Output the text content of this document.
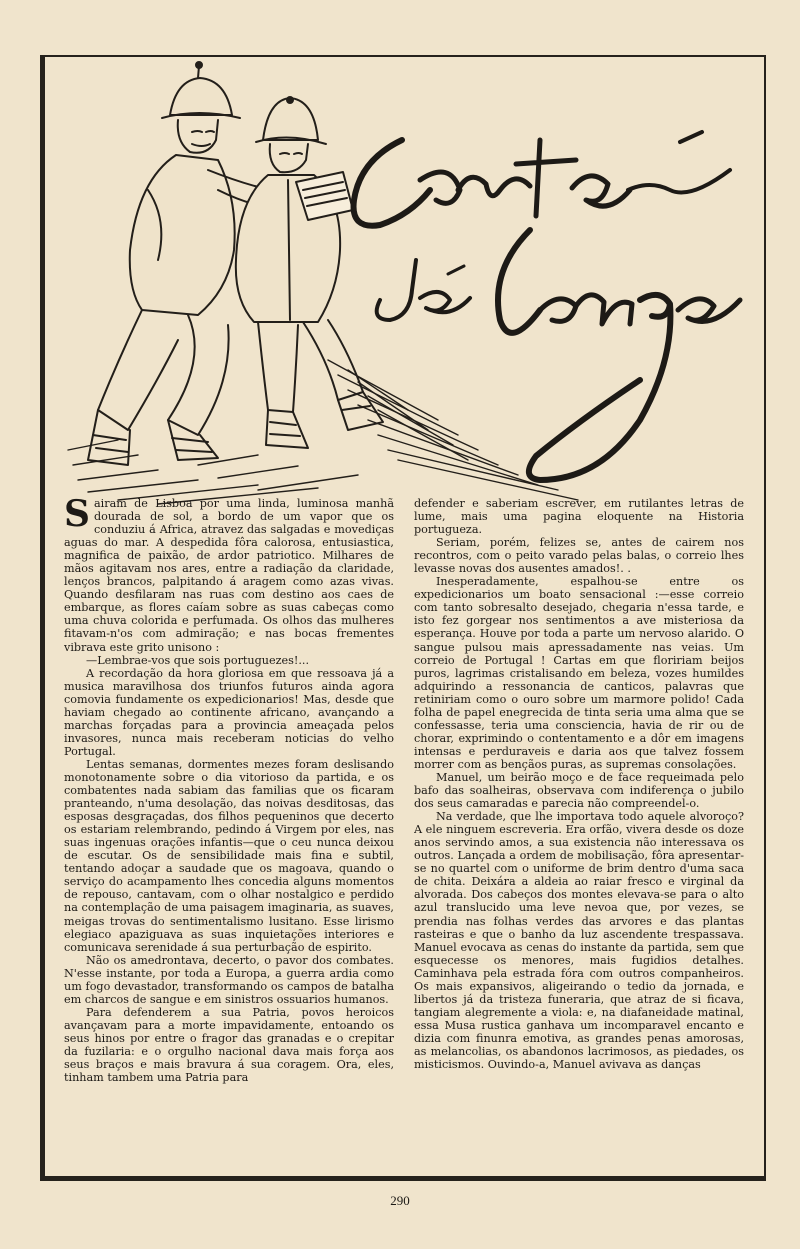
Sairam de Lisboa por uma linda, luminosa manhã dourada de sol, a bordo de um vapor que os conduziu á Africa, atravez das salgadas e movediças aguas do mar. A despedida fôra calorosa, entusiastica, magnifica de paixão, de ardor patriotico. Milhares de mãos agitavam nos ares, entre a radiação da claridade, lenços brancos, palpitando á aragem como azas vivas. Quando desfilaram nas ruas com destino aos caes de embarque, as flores caíam sobre as suas cabeças como uma chuva colorida e perfumada. Os olhos das mulheres fitavam-n'os com admiração; e nas bocas frementes vibrava este grito unisono :

—Lembrae-vos que sois portuguezes!...

A recordação da hora gloriosa em que ressoava já a musica maravilhosa dos triunfos futuros ainda agora comovia fundamente os expedicionarios! Mas, desde que haviam chegado ao continente africano, avançando a marchas forçadas para a provincia ameaçada pelos invasores, nunca mais receberam noticias do velho Portugal.

Lentas semanas, dormentes mezes foram deslisando monotonamente sobre o dia vitorioso da partida, e os combatentes nada sabiam das familias que os ficaram pranteando, n'uma desolação, das noivas desditosas, das esposas desgraçadas, dos filhos pequeninos que decerto os estariam relembrando, pedindo á Virgem por eles, nas suas ingenuas orações infantis—que o ceu nunca deixou de escutar. Os de sensibilidade mais fina e subtil, tentando adoçar a saudade que os magoava, quando o serviço do acampamento lhes concedia alguns momentos de repouso, cantavam, com o olhar nostalgico e perdido na contemplação de uma paisagem imaginaria, as suaves, meigas trovas do sentimentalismo lusitano. Esse lirismo elegiaco apaziguava as suas inquietações interiores e comunicava serenidade á sua perturbação de espirito.

Não os amedrontava, decerto, o pavor dos combates. N'esse instante, por toda a Europa, a guerra ardia como um fogo devastador, transformando os campos de batalha em charcos de sangue e em sinistros ossuarios humanos.

Para defenderem a sua Patria, povos heroicos avançavam para a morte impavidamente, entoando os seus hinos por entre o fragor das granadas e o crepitar da fuzilaria: e o orgulho nacional dava mais força aos seus braços e mais bravura á sua coragem. Ora, eles, tinham tambem uma Patria para

defender e saberiam escrever, em rutilantes letras de lume, mais uma pagina eloquente na Historia portugueza.

Seriam, porém, felizes se, antes de cairem nos recontros, com o peito varado pelas balas, o correio lhes levasse novas dos ausentes amados!. .

Inesperadamente, espalhou-se entre os expedicionarios um boato sensacional :—esse correio com tanto sobresalto desejado, chegaria n'essa tarde, e isto fez gorgear nos sentimentos a ave misteriosa da esperança. Houve por toda a parte um nervoso alarido. O sangue pulsou mais apressadamente nas veias. Um correio de Portugal ! Cartas em que floririam beijos puros, lagrimas cristalisando em beleza, vozes humildes adquirindo a ressonancia de canticos, palavras que retiniriam como o ouro sobre um marmore polido! Cada folha de papel enegrecida de tinta seria uma alma que se confessasse, teria uma consciencia, havia de rir ou de chorar, exprimindo o contentamento e a dôr em imagens intensas e perduraveis e daria aos que talvez fossem morrer com as bençãos puras, as supremas consolações.

Manuel, um beirão moço e de face requeimada pelo bafo das soalheiras, observava com indiferença o jubilo dos seus camaradas e parecia não compreendel-o.

Na verdade, que lhe importava todo aquele alvoroço? A ele ninguem escreveria. Era orfão, vivera desde os doze anos servindo amos, a sua existencia não interessava os outros. Lançada a ordem de mobilisação, fôra apresentar-se no quartel com o uniforme de brim dentro d'uma saca de chita. Deixára a aldeia ao raiar fresco e virginal da alvorada. Dos cabeços dos montes elevava-se para o alto azul translucido uma leve nevoa que, por vezes, se prendia nas folhas verdes das arvores e das plantas rasteiras e que o banho da luz ascendente trespassava. Manuel evocava as cenas do instante da partida, sem que esquecesse os menores, mais fugidios detalhes. Caminhava pela estrada fóra com outros companheiros. Os mais expansivos, aligeirando o tedio da jornada, e libertos já da tristeza funeraria, que atraz de si ficava, tangiam alegremente a viola: e, na diafaneidade matinal, essa Musa rustica ganhava um incomparavel encanto e dizia com finunra emotiva, as grandes penas amorosas, as melancolias, os abandonos lacrimosos, as piedades, os misticismos. Ouvindo-a, Manuel avivava as danças

290
